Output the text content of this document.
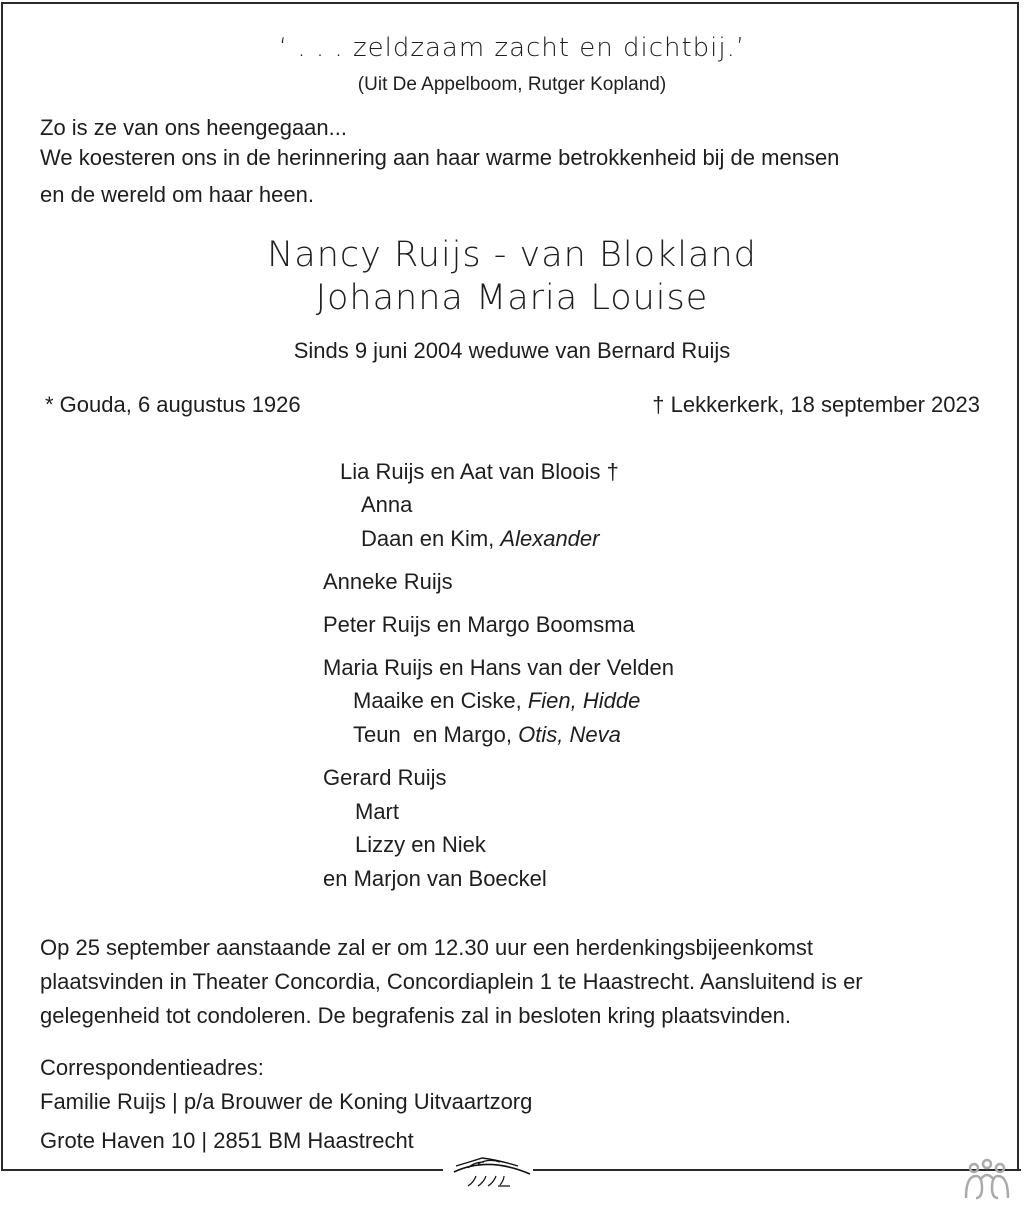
‘ . . . zeldzaam zacht en dichtbij.’
(Uit De Appelboom, Rutger Kopland)
Zo is ze van ons heengegaan...
We koesteren ons in de herinnering aan haar warme betrokkenheid bij de mensen
en de wereld om haar heen.
Nancy Ruijs - van Blokland
Johanna Maria Louise
Sinds 9 juni 2004 weduwe van Bernard Ruijs
* Gouda, 6 augustus 1926	† Lekkerkerk, 18 september 2023
Lia Ruijs en Aat van Bloois †
Anna
Daan en Kim, Alexander
Anneke Ruijs
Peter Ruijs en Margo Boomsma
Maria Ruijs en Hans van der Velden
Maaike en Ciske, Fien, Hidde
Teun  en Margo, Otis, Neva
Gerard Ruijs
Mart
Lizzy en Niek
en Marjon van Boeckel
Op 25 september aanstaande zal er om 12.30 uur een herdenkingsbijeenkomst
plaatsvinden in Theater Concordia, Concordiaplein 1 te Haastrecht. Aansluitend is er
gelegenheid tot condoleren. De begrafenis zal in besloten kring plaatsvinden.
Correspondentieadres:
Familie Ruijs | p/a Brouwer de Koning Uitvaartzorg
Grote Haven 10 | 2851 BM Haastrecht
